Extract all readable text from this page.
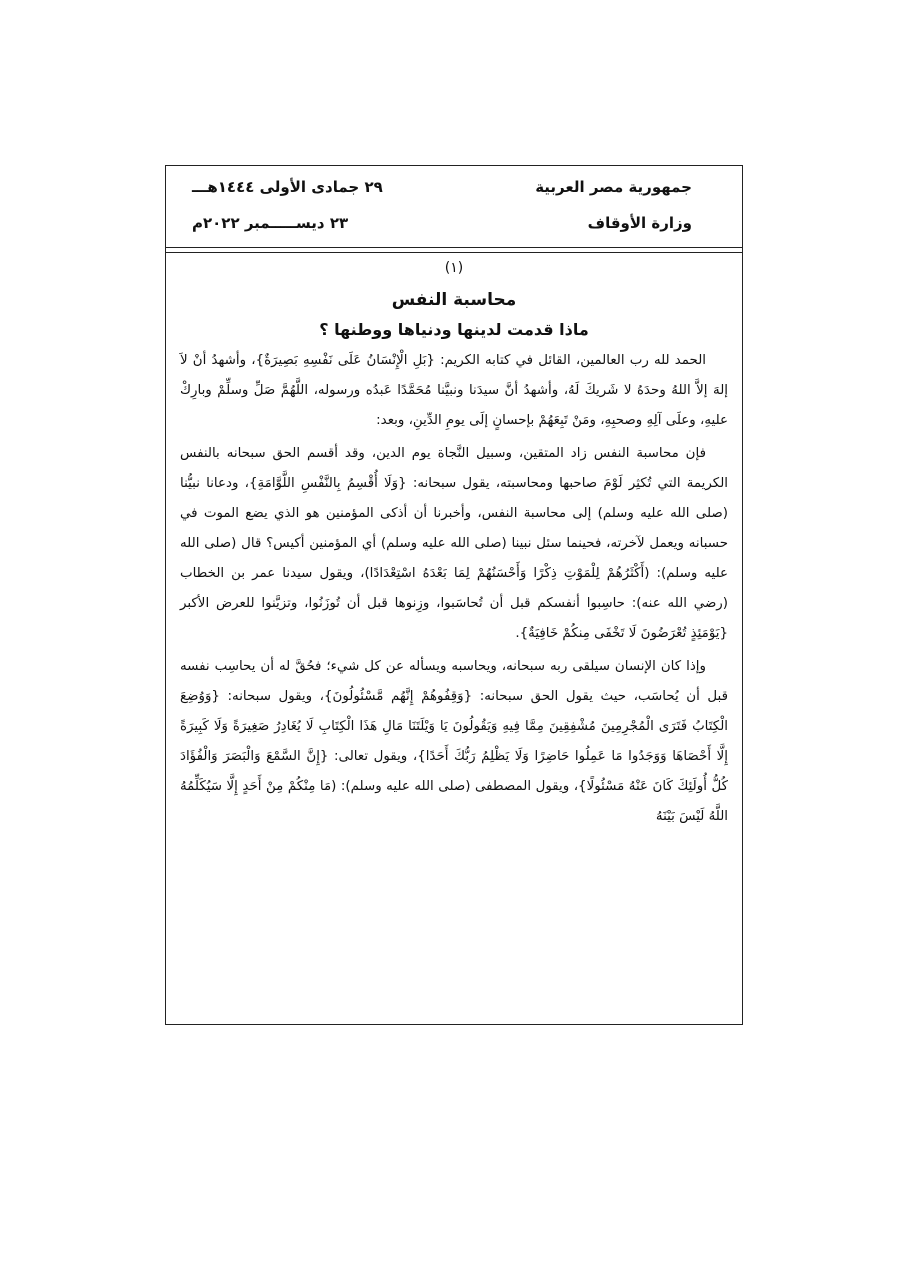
جمهورية مصر العربية
وزارة الأوقاف
٢٩ جمادى الأولى ١٤٤٤هـــ
٢٣ ديســـــمبر ٢٠٢٢م
(١)
محاسبة النفس
ماذا قدمت لدينها ودنياها ووطنها ؟

الحمد لله رب العالمين، القائل في كتابه الكريم: {بَلِ الْإِنْسَانُ عَلَى نَفْسِهِ بَصِيرَةٌ}، وأشهدُ أنْ لاَ إلهَ إلاَّ اللهُ وحدَهُ لا شَريكَ لَهُ، وأشهدُ أنَّ سيدَنا ونبيَّنا مُحَمَّدًا عَبدُه ورسوله، اللَّهُمَّ صَلِّ وسلِّمْ وبارِكْ عليهِ، وعلَى آلِهِ وصحبِهِ، ومَنْ تَبِعَهُمْ بإحسانٍ إلَى يومِ الدِّينِ، وبعد:

فإن محاسبة النفس زاد المتقين، وسبيل النَّجاة يوم الدين، وقد أقسم الحق سبحانه بالنفس الكريمة التي تُكثِر لَوْمَ صاحبها ومحاسبته، يقول سبحانه: {وَلَا أُقْسِمُ بِالنَّفْسِ اللَّوَّامَةِ}، ودعانا نبيُّنا (صلى الله عليه وسلم) إلى محاسبة النفس، وأخبرنا أن أذكى المؤمنين هو الذي يضع الموت في حسبانه ويعمل لآخرته، فحينما سئل نبينا (صلى الله عليه وسلم) أي المؤمنين أكيس؟ قال (صلى الله عليه وسلم): (أَكْثَرُهُمْ لِلْمَوْتِ ذِكْرًا وَأَحْسَنُهُمْ لِمَا بَعْدَهُ اسْتِعْدَادًا)، ويقول سيدنا عمر بن الخطاب (رضي الله عنه): حاسِبوا أنفسكم قبل أن تُحاسَبوا، وزِنوها قبل أن تُوزَنُوا، وتزيَّنوا للعرض الأكبر {يَوْمَئِذٍ تُعْرَضُونَ لَا تَخْفَى مِنكُمْ خَافِيَةٌ}.

وإذا كان الإنسان سيلقى ربه سبحانه، ويحاسبه ويسأله عن كل شيء؛ فحُقَّ له أن يحاسِب نفسه قبل أن يُحاسَب، حيث يقول الحق سبحانه: {وَقِفُوهُمْ إِنَّهُم مَّسْئُولُونَ}، ويقول سبحانه: {وَوُضِعَ الْكِتَابُ فَتَرَى الْمُجْرِمِينَ مُشْفِقِينَ مِمَّا فِيهِ وَيَقُولُونَ يَا وَيْلَتَنَا مَالِ هَذَا الْكِتَابِ لَا يُغَادِرُ صَغِيرَةً وَلَا كَبِيرَةً إِلَّا أَحْصَاهَا وَوَجَدُوا مَا عَمِلُوا حَاضِرًا وَلَا يَظْلِمُ رَبُّكَ أَحَدًا}، ويقول تعالى: {إِنَّ السَّمْعَ وَالْبَصَرَ وَالْفُؤَادَ كُلُّ أُولَئِكَ كَانَ عَنْهُ مَسْئُولًا}، ويقول المصطفى (صلى الله عليه وسلم): (مَا مِنْكُمْ مِنْ أَحَدٍ إِلَّا سَيُكَلِّمُهُ اللَّهُ لَيْسَ بَيْنَهُ
